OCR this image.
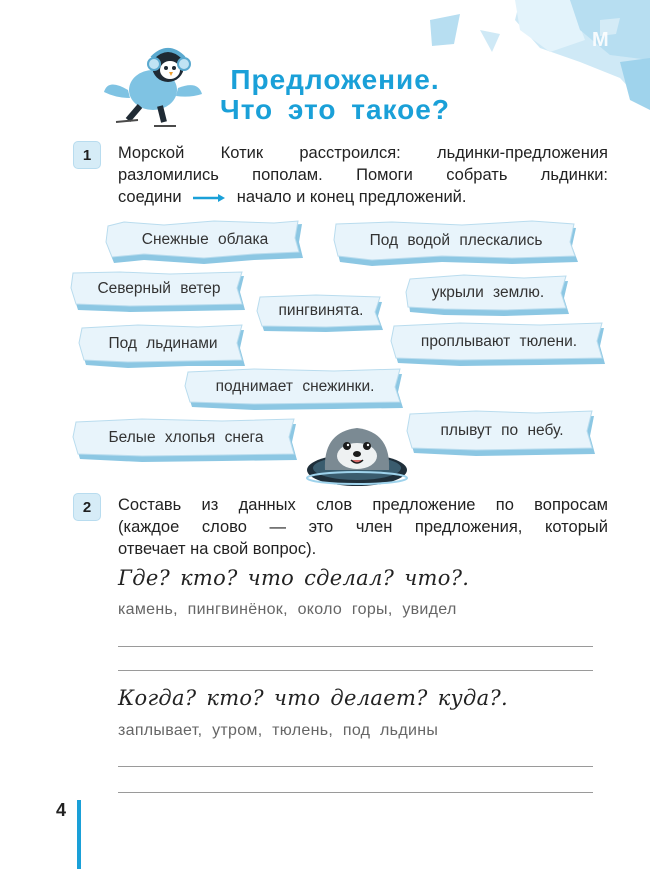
М
Предложение.
Что это такое?
1	Морской Котик расстроился: льдинки-предложения
разломились пополам. Помоги собрать льдинки:
соедини	начало и конец предложений.
Снежные облака	Под водой плескались
Северный ветер
пингвинята.
укрыли землю.
Под льдинами	проплывают тюлени.
поднимает снежинки.
Белые хлопья снега	плывут по небу.
2	Составь из данных слов предложение по вопросам
(каждое слово — это член предложения, который
отвечает на свой вопрос).
Где? кто? что сделал? что?.
камень, пингвинёнок, около горы, увидел
Когда? кто? что делает? куда?.
заплывает, утром, тюлень, под льдины
4
